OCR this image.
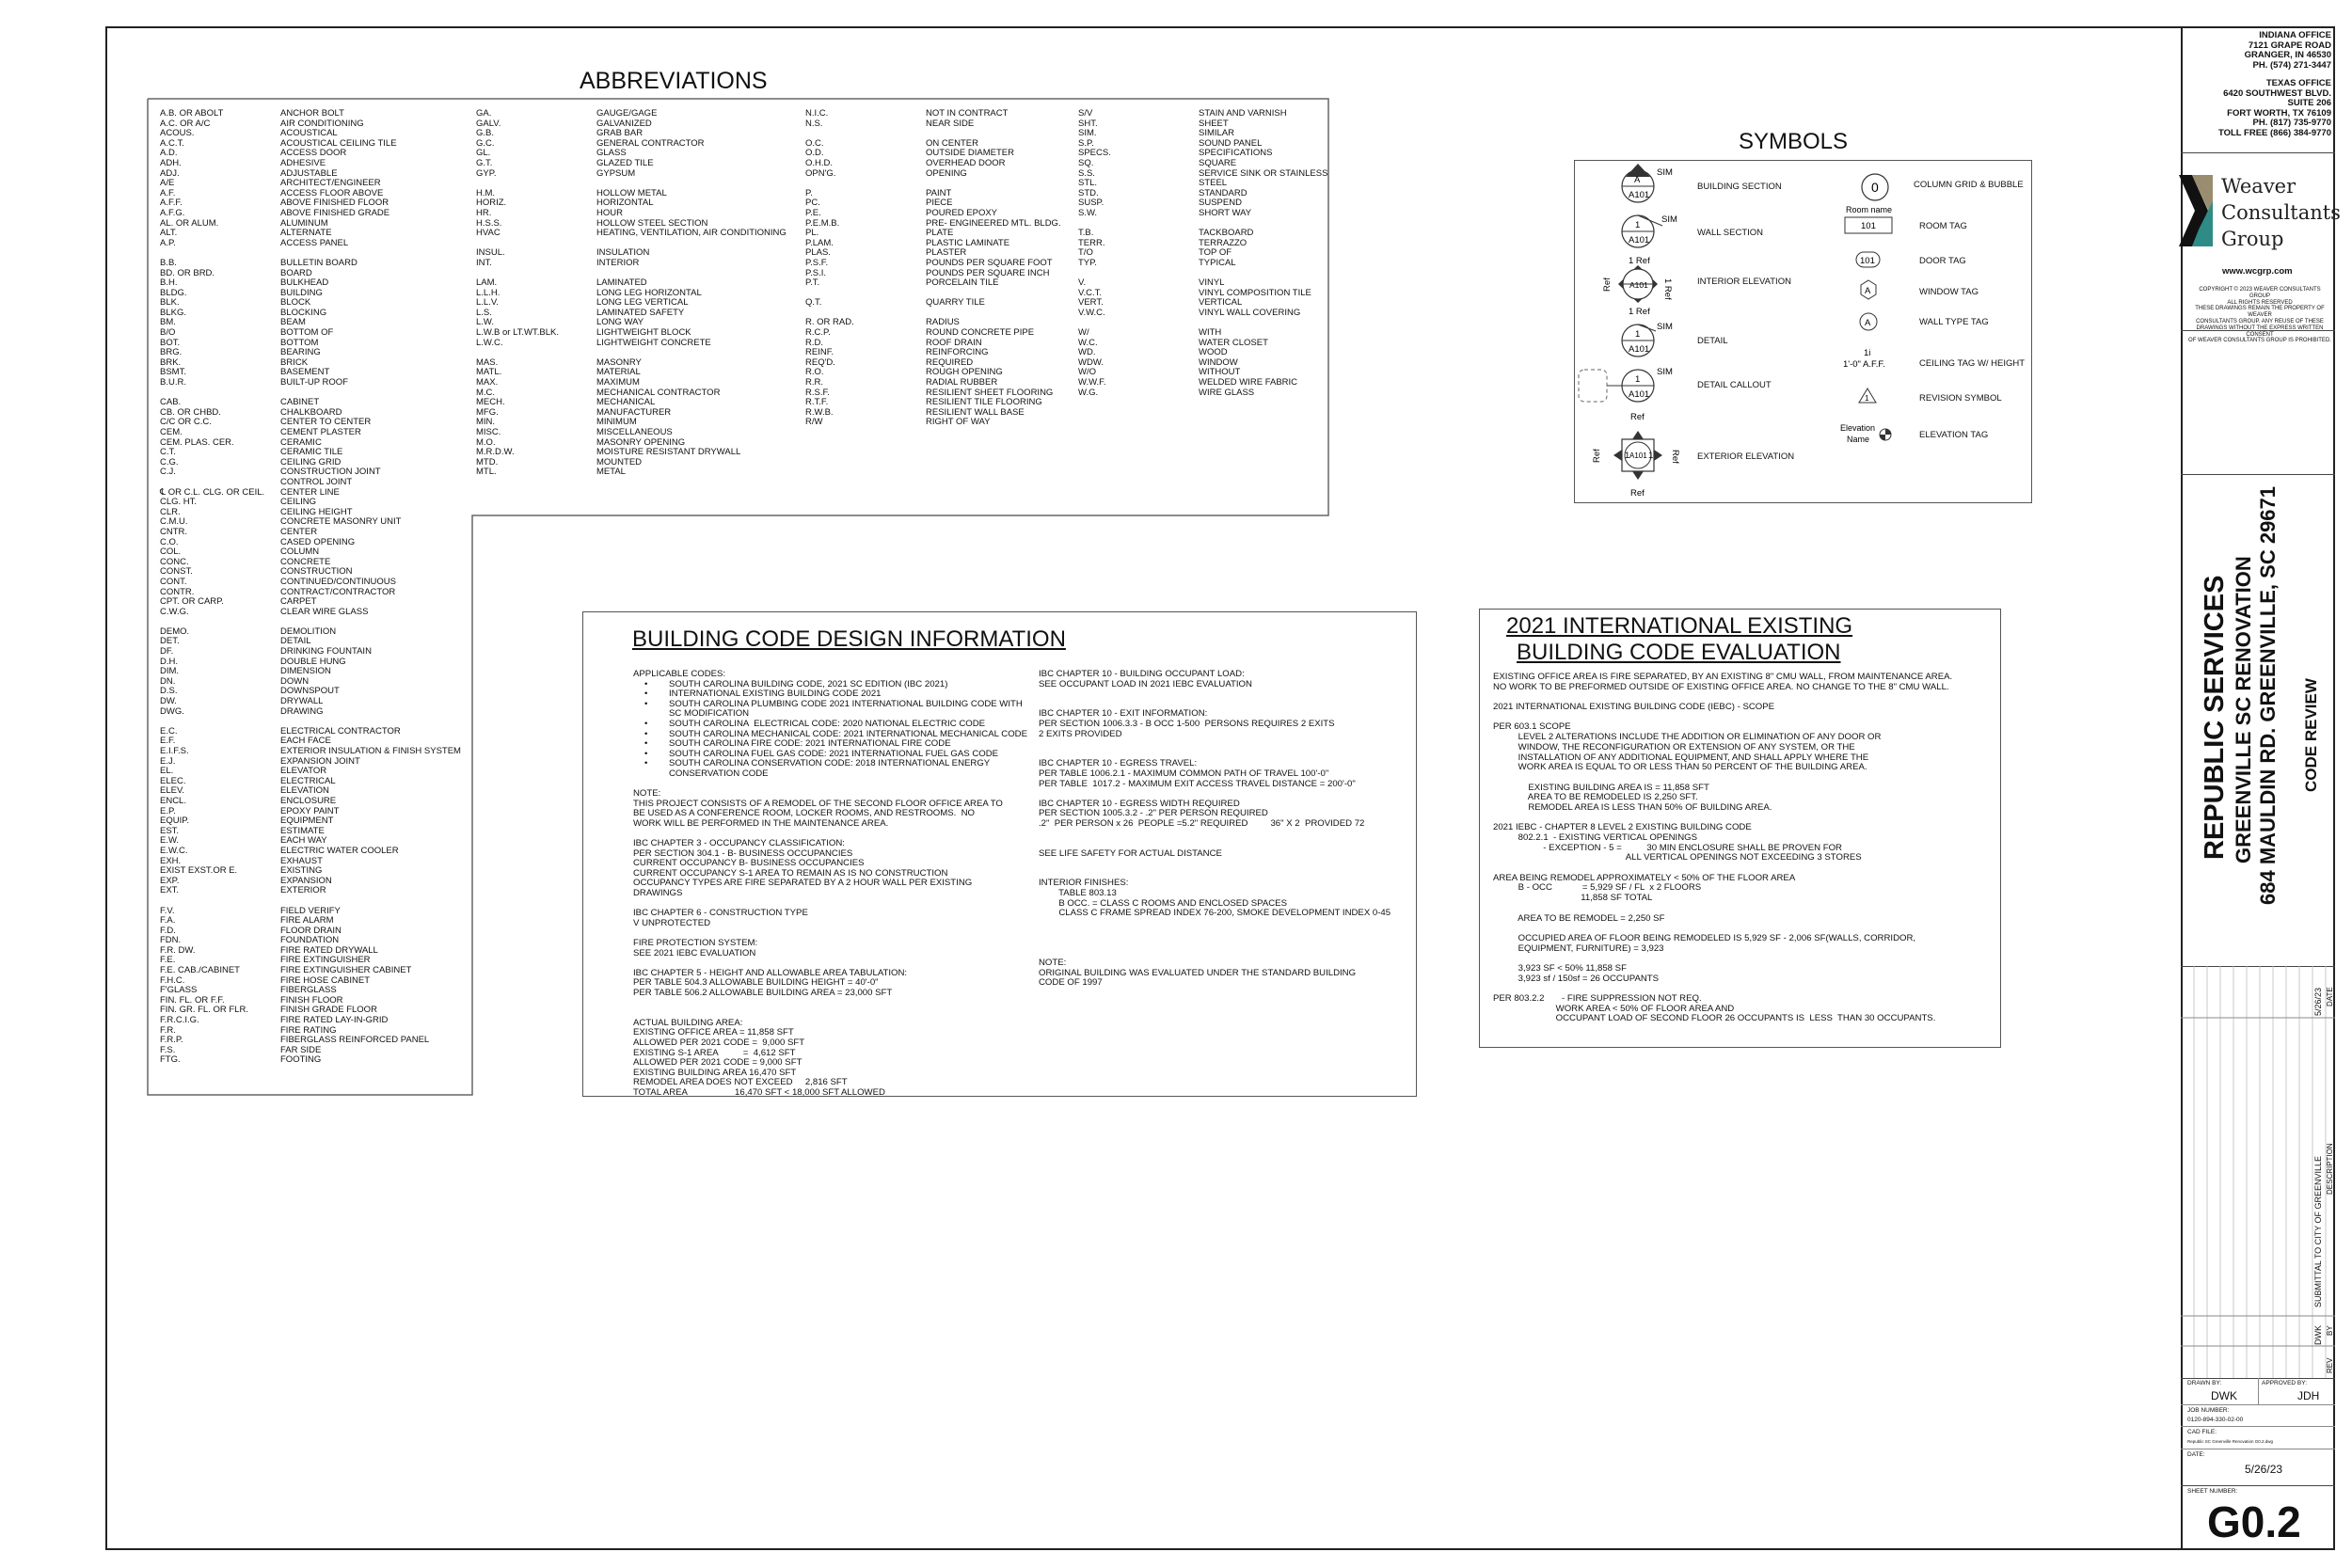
ABBREVIATIONS
A.B. OR ABOLT	ANCHOR BOLT
A.C. OR A/C	AIR CONDITIONING
ACOUS.	ACOUSTICAL
A.C.T.	ACOUSTICAL CEILING TILE
A.D.	ACCESS DOOR
ADH.	ADHESIVE
ADJ.	ADJUSTABLE
A/E	ARCHITECT/ENGINEER
A.F.	ACCESS FLOOR ABOVE
A.F.F.	ABOVE FINISHED FLOOR
A.F.G.	ABOVE FINISHED GRADE
AL. OR ALUM.	ALUMINUM
ALT.	ALTERNATE
A.P.	ACCESS PANEL
B.B.	BULLETIN BOARD
BD. OR BRD.	BOARD
B.H.	BULKHEAD
BLDG.	BUILDING
BLK.	BLOCK
BLKG.	BLOCKING
BM.	BEAM
B/O	BOTTOM OF
BOT.	BOTTOM
BRG.	BEARING
BRK.	BRICK
BSMT.	BASEMENT
B.U.R.	BUILT-UP ROOF
CAB.	CABINET
CB. OR CHBD.	CHALKBOARD
C/C OR C.C.	CENTER TO CENTER
CEM.	CEMENT PLASTER
CEM. PLAS. CER.	CERAMIC
C.T.	CERAMIC TILE
C.G.	CEILING GRID
C.J.	CONSTRUCTION JOINT
CONTROL JOINT
℄ OR C.L. CLG. OR CEIL.	CENTER LINE
CLG. HT.	CEILING
CLR.	CEILING HEIGHT
C.M.U.	CONCRETE MASONRY UNIT
CNTR.	CENTER
C.O.	CASED OPENING
COL.	COLUMN
CONC.	CONCRETE
CONST.	CONSTRUCTION
CONT.	CONTINUED/CONTINUOUS
CONTR.	CONTRACT/CONTRACTOR
CPT. OR CARP.	CARPET
C.W.G.	CLEAR WIRE GLASS
DEMO.	DEMOLITION
DET.	DETAIL
DF.	DRINKING FOUNTAIN
D.H.	DOUBLE HUNG
DIM.	DIMENSION
DN.	DOWN
D.S.	DOWNSPOUT
DW.	DRYWALL
DWG.	DRAWING
E.C.	ELECTRICAL CONTRACTOR
E.F.	EACH FACE
E.I.F.S.	EXTERIOR INSULATION & FINISH SYSTEM
E.J.	EXPANSION JOINT
EL.	ELEVATOR
ELEC.	ELECTRICAL
ELEV.	ELEVATION
ENCL.	ENCLOSURE
E.P.	EPOXY PAINT
EQUIP.	EQUIPMENT
EST.	ESTIMATE
E.W.	EACH WAY
E.W.C.	ELECTRIC WATER COOLER
EXH.	EXHAUST
EXIST EXST.OR E.	EXISTING
EXP.	EXPANSION
EXT.	EXTERIOR
F.V.	FIELD VERIFY
F.A.	FIRE ALARM
F.D.	FLOOR DRAIN
FDN.	FOUNDATION
F.R. DW.	FIRE RATED DRYWALL
F.E.	FIRE EXTINGUISHER
F.E. CAB./CABINET	FIRE EXTINGUISHER CABINET
F.H.C.	FIRE HOSE CABINET
F'GLASS	FIBERGLASS
FIN. FL. OR F.F.	FINISH FLOOR
FIN. GR. FL. OR FLR.	FINISH GRADE FLOOR
F.R.C.I.G.	FIRE RATED LAY-IN-GRID
F.R.	FIRE RATING
F.R.P.	FIBERGLASS REINFORCED PANEL
F.S.	FAR SIDE
FTG.	FOOTING
GA.	GAUGE/GAGE
GALV.	GALVANIZED
G.B.	GRAB BAR
G.C.	GENERAL CONTRACTOR
GL.	GLASS
G.T.	GLAZED TILE
GYP.	GYPSUM
H.M.	HOLLOW METAL
HORIZ.	HORIZONTAL
HR.	HOUR
H.S.S.	HOLLOW STEEL SECTION
HVAC	HEATING, VENTILATION, AIR CONDITIONING
INSUL.	INSULATION
INT.	INTERIOR
LAM.	LAMINATED
L.L.H.	LONG LEG HORIZONTAL
L.L.V.	LONG LEG VERTICAL
L.S.	LAMINATED SAFETY
L.W.	LONG WAY
L.W.B or LT.WT.BLK.	LIGHTWEIGHT BLOCK
L.W.C.	LIGHTWEIGHT CONCRETE
MAS.	MASONRY
MATL.	MATERIAL
MAX.	MAXIMUM
M.C.	MECHANICAL CONTRACTOR
MECH.	MECHANICAL
MFG.	MANUFACTURER
MIN.	MINIMUM
MISC.	MISCELLANEOUS
M.O.	MASONRY OPENING
M.R.D.W.	MOISTURE RESISTANT DRYWALL
MTD.	MOUNTED
MTL.	METAL
N.I.C.	NOT IN CONTRACT
N.S.	NEAR SIDE
O.C.	ON CENTER
O.D.	OUTSIDE DIAMETER
O.H.D.	OVERHEAD DOOR
OPN'G.	OPENING
P.	PAINT
PC.	PIECE
P.E.	POURED EPOXY
P.E.M.B.	PRE- ENGINEERED MTL. BLDG.
PL.	PLATE
P.LAM.	PLASTIC LAMINATE
PLAS.	PLASTER
P.S.F.	POUNDS PER SQUARE FOOT
P.S.I.	POUNDS PER SQUARE INCH
P.T.	PORCELAIN TILE
Q.T.	QUARRY TILE
R. OR RAD.	RADIUS
R.C.P.	ROUND CONCRETE PIPE
R.D.	ROOF DRAIN
REINF.	REINFORCING
REQ'D.	REQUIRED
R.O.	ROUGH OPENING
R.R.	RADIAL RUBBER
R.S.F.	RESILIENT SHEET FLOORING
R.T.F.	RESILIENT TILE FLOORING
R.W.B.	RESILIENT WALL BASE
R/W	RIGHT OF WAY
S/V	STAIN AND VARNISH
SHT.	SHEET
SIM.	SIMILAR
S.P.	SOUND PANEL
SPECS.	SPECIFICATIONS
SQ.	SQUARE
S.S.	SERVICE SINK OR STAINLESS
STL.	STEEL
STD.	STANDARD
SUSP.	SUSPEND
S.W.	SHORT WAY
T.B.	TACKBOARD
TERR.	TERRAZZO
T/O	TOP OF
TYP.	TYPICAL
V.	VINYL
V.C.T.	VINYL COMPOSITION TILE
VERT.	VERTICAL
V.W.C.	VINYL WALL COVERING
W/	WITH
W.C.	WATER CLOSET
WD.	WOOD
WDW.	WINDOW
W/O	WITHOUT
W.W.F.	WELDED WIRE FABRIC
W.G.	WIRE GLASS
SYMBOLS
A
A101
SIM
1
A101
SIM
1 Ref
1 Ref
A101
Ref	1 Ref
1
A101
SIM
1
A101
SIM
Ref
Ref
1 A101 1
Ref	Ref
0
Room name
101
101
A
A
1i
1'-0" A.F.F.
1
Elevation
Name
BUILDING SECTION
WALL SECTION
INTERIOR ELEVATION
DETAIL
DETAIL CALLOUT
EXTERIOR ELEVATION
COLUMN GRID & BUBBLE
ROOM TAG
DOOR TAG
WINDOW TAG
WALL TYPE TAG
CEILING TAG W/ HEIGHT
REVISION SYMBOL
ELEVATION TAG
BUILDING CODE DESIGN INFORMATION
APPLICABLE CODES:
• SOUTH CAROLINA BUILDING CODE, 2021 SC EDITION (IBC 2021)
• INTERNATIONAL EXISTING BUILDING CODE 2021
• SOUTH CAROLINA PLUMBING CODE 2021 INTERNATIONAL BUILDING CODE WITH
SC MODIFICATION
• SOUTH CAROLINA  ELECTRICAL CODE: 2020 NATIONAL ELECTRIC CODE
• SOUTH CAROLINA MECHANICAL CODE: 2021 INTERNATIONAL MECHANICAL CODE
• SOUTH CAROLINA FIRE CODE: 2021 INTERNATIONAL FIRE CODE
• SOUTH CAROLINA FUEL GAS CODE: 2021 INTERNATIONAL FUEL GAS CODE
• SOUTH CAROLINA CONSERVATION CODE: 2018 INTERNATIONAL ENERGY
CONSERVATION CODE
NOTE:
THIS PROJECT CONSISTS OF A REMODEL OF THE SECOND FLOOR OFFICE AREA TO
BE USED AS A CONFERENCE ROOM, LOCKER ROOMS, AND RESTROOMS.  NO
WORK WILL BE PERFORMED IN THE MAINTENANCE AREA.
IBC CHAPTER 3 - OCCUPANCY CLASSIFICATION:
PER SECTION 304.1 - B- BUSINESS OCCUPANCIES
CURRENT OCCUPANCY B- BUSINESS OCCUPANCIES
CURRENT OCCUPANCY S-1 AREA TO REMAIN AS IS NO CONSTRUCTION
OCCUPANCY TYPES ARE FIRE SEPARATED BY A 2 HOUR WALL PER EXISTING
DRAWINGS
IBC CHAPTER 6 - CONSTRUCTION TYPE
V UNPROTECTED
FIRE PROTECTION SYSTEM:
SEE 2021 IEBC EVALUATION
IBC CHAPTER 5 - HEIGHT AND ALLOWABLE AREA TABULATION:
PER TABLE 504.3 ALLOWABLE BUILDING HEIGHT = 40'-0"
PER TABLE 506.2 ALLOWABLE BUILDING AREA = 23,000 SFT
ACTUAL BUILDING AREA:
EXISTING OFFICE AREA = 11,858 SFT
ALLOWED PER 2021 CODE =  9,000 SFT
EXISTING S-1 AREA          =  4,612 SFT
ALLOWED PER 2021 CODE = 9,000 SFT
EXISTING BUILDING AREA 16,470 SFT
REMODEL AREA DOES NOT EXCEED     2,816 SFT
TOTAL AREA                   16,470 SFT < 18,000 SFT ALLOWED
IBC CHAPTER 10 - BUILDING OCCUPANT LOAD:
SEE OCCUPANT LOAD IN 2021 IEBC EVALUATION
IBC CHAPTER 10 - EXIT INFORMATION:
PER SECTION 1006.3.3 - B OCC 1-500  PERSONS REQUIRES 2 EXITS
2 EXITS PROVIDED
IBC CHAPTER 10 - EGRESS TRAVEL:
PER TABLE 1006.2.1 - MAXIMUM COMMON PATH OF TRAVEL 100'-0"
PER TABLE  1017.2 - MAXIMUM EXIT ACCESS TRAVEL DISTANCE = 200'-0"
IBC CHAPTER 10 - EGRESS WIDTH REQUIRED
PER SECTION 1005.3.2 - .2" PER PERSON REQUIRED
.2"  PER PERSON x 26  PEOPLE =5.2" REQUIRED         36" X 2  PROVIDED 72
SEE LIFE SAFETY FOR ACTUAL DISTANCE
INTERIOR FINISHES:
TABLE 803.13
B OCC. = CLASS C ROOMS AND ENCLOSED SPACES
CLASS C FRAME SPREAD INDEX 76-200, SMOKE DEVELOPMENT INDEX 0-45
NOTE:
ORIGINAL BUILDING WAS EVALUATED UNDER THE STANDARD BUILDING
CODE OF 1997
2021 INTERNATIONAL EXISTING
BUILDING CODE EVALUATION
EXISTING OFFICE AREA IS FIRE SEPARATED, BY AN EXISTING 8" CMU WALL, FROM MAINTENANCE AREA.
NO WORK TO BE PREFORMED OUTSIDE OF EXISTING OFFICE AREA. NO CHANGE TO THE 8" CMU WALL.
2021 INTERNATIONAL EXISTING BUILDING CODE (IEBC) - SCOPE
PER 603.1 SCOPE
LEVEL 2 ALTERATIONS INCLUDE THE ADDITION OR ELIMINATION OF ANY DOOR OR
WINDOW, THE RECONFIGURATION OR EXTENSION OF ANY SYSTEM, OR THE
INSTALLATION OF ANY ADDITIONAL EQUIPMENT, AND SHALL APPLY WHERE THE
WORK AREA IS EQUAL TO OR LESS THAN 50 PERCENT OF THE BUILDING AREA.
EXISTING BUILDING AREA IS = 11,858 SFT
AREA TO BE REMODELED IS 2,250 SFT.
REMODEL AREA IS LESS THAN 50% OF BUILDING AREA.
2021 IEBC - CHAPTER 8 LEVEL 2 EXISTING BUILDING CODE
802.2.1  - EXISTING VERTICAL OPENINGS
- EXCEPTION - 5 =          30 MIN ENCLOSURE SHALL BE PROVEN FOR
ALL VERTICAL OPENINGS NOT EXCEEDING 3 STORES
AREA BEING REMODEL APPROXIMATELY < 50% OF THE FLOOR AREA
B - OCC            = 5,929 SF / FL  x 2 FLOORS
11,858 SF TOTAL
AREA TO BE REMODEL = 2,250 SF
OCCUPIED AREA OF FLOOR BEING REMODELED IS 5,929 SF - 2,006 SF(WALLS, CORRIDOR,
EQUIPMENT, FURNITURE) = 3,923
3,923 SF < 50% 11,858 SF
3,923 sf / 150sf = 26 OCCUPANTS
PER 803.2.2       - FIRE SUPPRESSION NOT REQ.
WORK AREA < 50% OF FLOOR AREA AND
OCCUPANT LOAD OF SECOND FLOOR 26 OCCUPANTS IS  LESS  THAN 30 OCCUPANTS.
INDIANA OFFICE
7121 GRAPE ROAD
GRANGER, IN 46530
PH. (574) 271-3447
TEXAS OFFICE
6420 SOUTHWEST BLVD.
SUITE 206
FORT WORTH, TX 76109
PH. (817) 735-9770
TOLL FREE (866) 384-9770
Weaver
Consultants
Group
www.wcgrp.com
COPYRIGHT © 2023 WEAVER CONSULTANTS GROUP
ALL RIGHTS RESERVED
THESE DRAWINGS REMAIN THE PROPERTY OF WEAVER
CONSULTANTS GROUP. ANY REUSE OF THESE
DRAWINGS WITHOUT THE EXPRESS WRITTEN CONSENT
OF WEAVER CONSULTANTS GROUP IS PROHIBITED.
REPUBLIC SERVICES GREENVILLE SC RENOVATION 684 MAULDIN RD. GREENVILLE, SC 29671 CODE REVIEW
5/26/23 DATE
SUBMITTAL TO CITY OF GREENVILLE DESCRIPTION
DWK BY
REV
DRAWN BY:
DWK
APPROVED BY:
JDH
JOB NUMBER:
0120-894-330-02-00
CAD FILE:
Republic SC Greenville Renovation G0.2.dwg
DATE:
5/26/23
SHEET NUMBER:
G0.2
